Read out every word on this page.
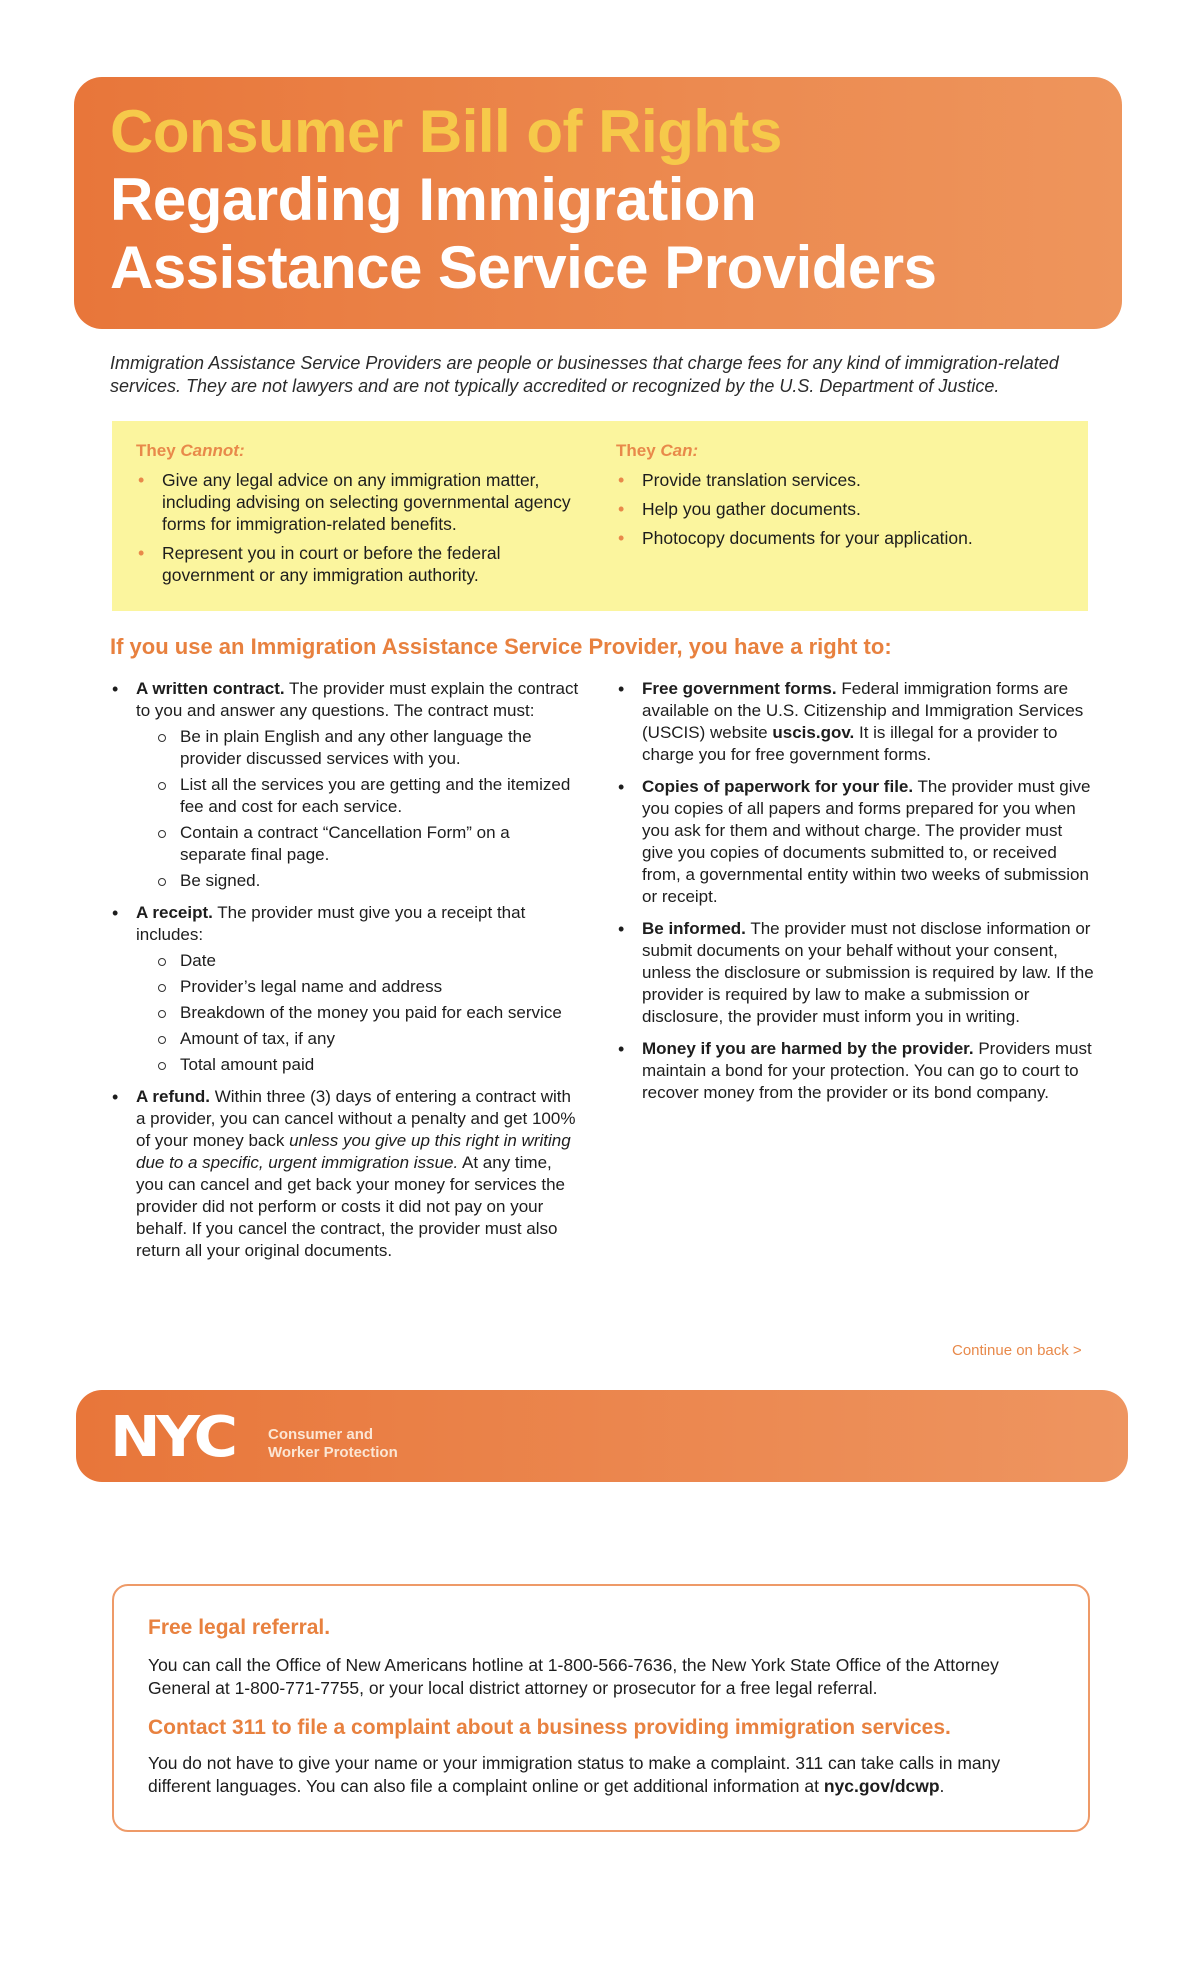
Consumer Bill of Rights
Regarding Immigration
Assistance Service Providers
Immigration Assistance Service Providers are people or businesses that charge fees for any kind of immigration-related services. They are not lawyers and are not typically accredited or recognized by the U.S. Department of Justice.
They Cannot:
• Give any legal advice on any immigration matter, including advising on selecting governmental agency forms for immigration-related benefits.
• Represent you in court or before the federal government or any immigration authority.
They Can:
• Provide translation services.
• Help you gather documents.
• Photocopy documents for your application.
If you use an Immigration Assistance Service Provider, you have a right to:
• A written contract. The provider must explain the contract to you and answer any questions. The contract must:
Be in plain English and any other language the provider discussed services with you.
List all the services you are getting and the itemized fee and cost for each service.
Contain a contract “Cancellation Form” on a separate final page.
Be signed.
• A receipt. The provider must give you a receipt that includes:
Date
Provider’s legal name and address
Breakdown of the money you paid for each service
Amount of tax, if any
Total amount paid
• A refund. Within three (3) days of entering a contract with a provider, you can cancel without a penalty and get 100% of your money back unless you give up this right in writing due to a specific, urgent immigration issue. At any time, you can cancel and get back your money for services the provider did not perform or costs it did not pay on your behalf. If you cancel the contract, the provider must also return all your original documents.
• Free government forms. Federal immigration forms are available on the U.S. Citizenship and Immigration Services (USCIS) website uscis.gov. It is illegal for a provider to charge you for free government forms.
• Copies of paperwork for your file. The provider must give you copies of all papers and forms prepared for you when you ask for them and without charge. The provider must give you copies of documents submitted to, or received from, a governmental entity within two weeks of submission or receipt.
• Be informed. The provider must not disclose information or submit documents on your behalf without your consent, unless the disclosure or submission is required by law. If the provider is required by law to make a submission or disclosure, the provider must inform you in writing.
• Money if you are harmed by the provider. Providers must maintain a bond for your protection. You can go to court to recover money from the provider or its bond company.
Continue on back >
NYC Consumer and
Worker Protection
Free legal referral.

You can call the Office of New Americans hotline at 1-800-566-7636, the New York State Office of the Attorney General at 1-800-771-7755, or your local district attorney or prosecutor for a free legal referral.

Contact 311 to file a complaint about a business providing immigration services.

You do not have to give your name or your immigration status to make a complaint. 311 can take calls in many different languages. You can also file a complaint online or get additional information at nyc.gov/dcwp.
